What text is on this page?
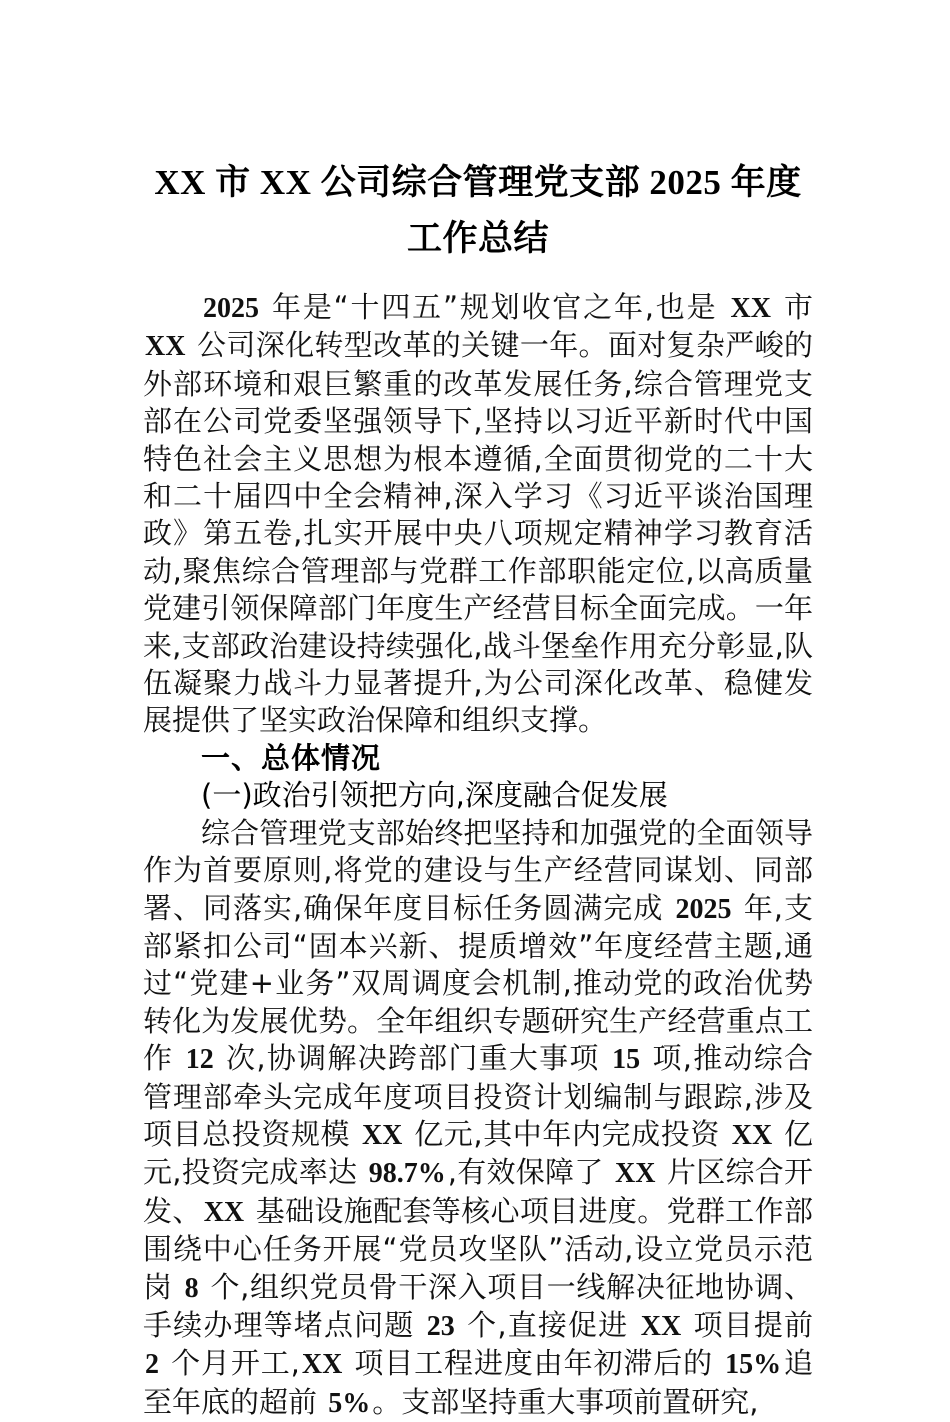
XX 市 XX 公司综合管理党支部 2025 年度
工作总结

2025 年是“十四五”规划收官之年,也是 XX 市 XX 公司深化转型改革的关键一年。面对复杂严峻的外部环境和艰巨繁重的改革发展任务,综合管理党支部在公司党委坚强领导下,坚持以习近平新时代中国特色社会主义思想为根本遵循,全面贯彻党的二十大和二十届四中全会精神,深入学习《习近平谈治国理政》第五卷,扎实开展中央八项规定精神学习教育活动,聚焦综合管理部与党群工作部职能定位,以高质量党建引领保障部门年度生产经营目标全面完成。一年来,支部政治建设持续强化,战斗堡垒作用充分彰显,队伍凝聚力战斗力显著提升,为公司深化改革、稳健发展提供了坚实政治保障和组织支撑。

一、总体情况
(一)政治引领把方向,深度融合促发展

综合管理党支部始终把坚持和加强党的全面领导作为首要原则,将党的建设与生产经营同谋划、同部署、同落实,确保年度目标任务圆满完成 2025 年,支部紧扣公司“固本兴新、提质增效”年度经营主题,通过“党建+业务”双周调度会机制,推动党的政治优势转化为发展优势。全年组织专题研究生产经营重点工作 12 次,协调解决跨部门重大事项 15 项,推动综合管理部牵头完成年度项目投资计划编制与跟踪,涉及项目总投资规模 XX 亿元,其中年内完成投资 XX 亿元,投资完成率达 98.7%,有效保障了 XX 片区综合开发、XX 基础设施配套等核心项目进度。党群工作部围绕中心任务开展“党员攻坚队”活动,设立党员示范岗 8 个,组织党员骨干深入项目一线解决征地协调、手续办理等堵点问题 23 个,直接促进 XX 项目提前 2 个月开工,XX 项目工程进度由年初滞后的 15%追至年底的超前 5%。支部坚持重大事项前置研究,
